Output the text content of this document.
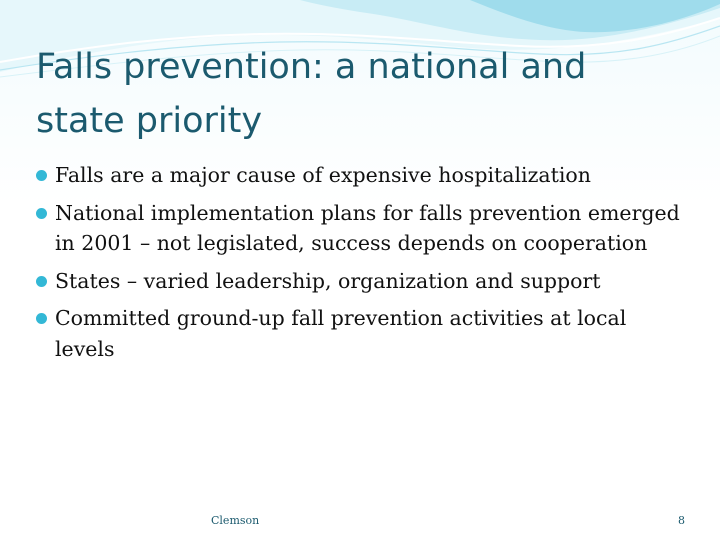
Falls prevention: a national and state priority
Falls are a major cause of expensive hospitalization
National implementation plans for falls prevention emerged in 2001 – not legislated, success depends on cooperation
States – varied leadership, organization and support
Committed ground-up fall prevention activities at local levels
Clemson	8
